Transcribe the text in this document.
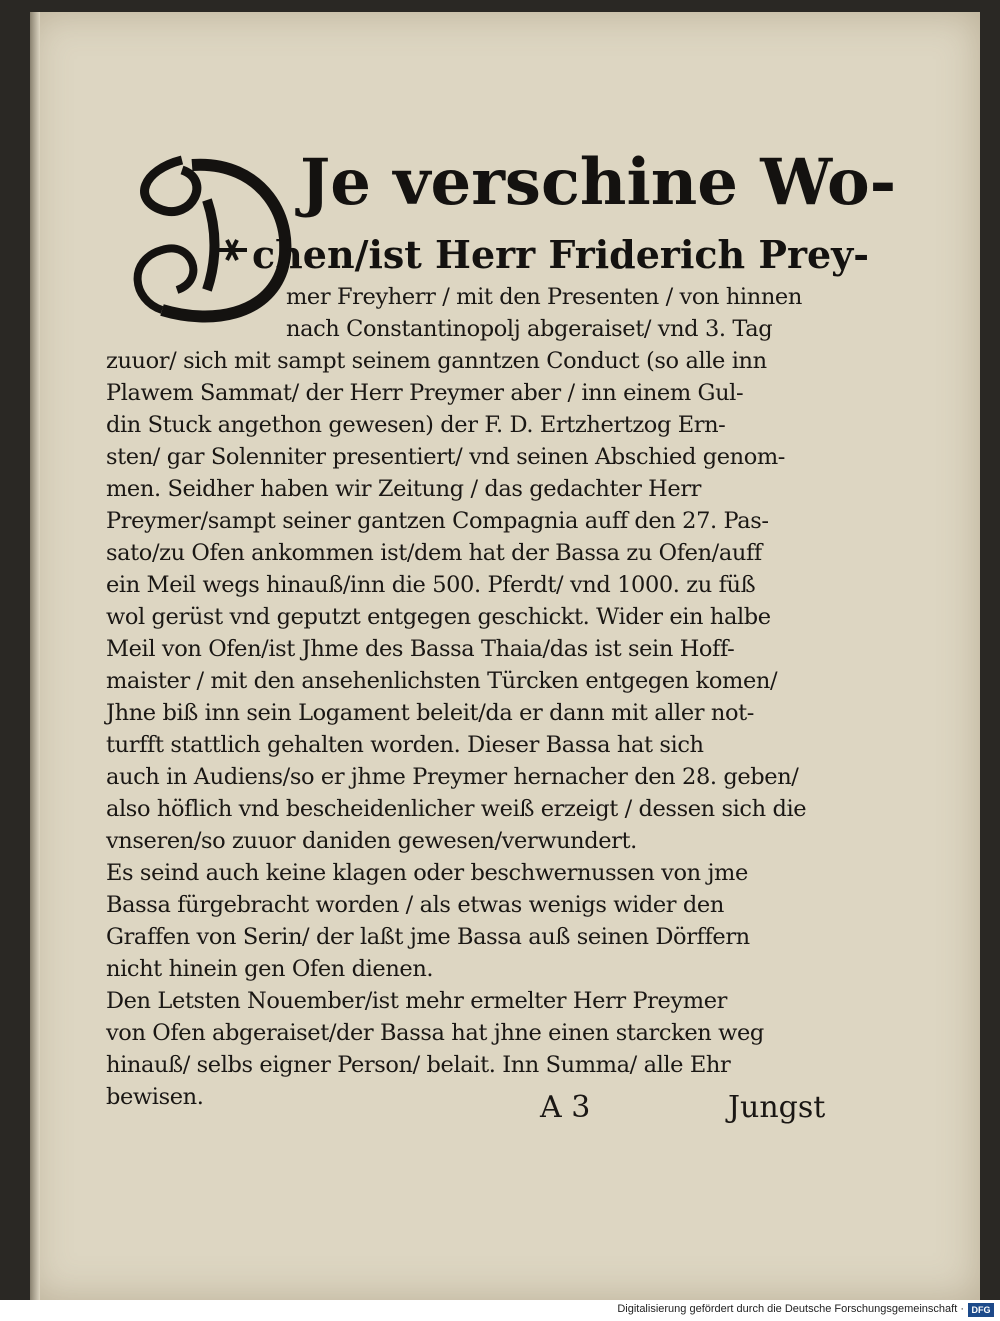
Je verschine Wo-
chen/ist Herr Friderich Prey-
mer Freyherr / mit den Presenten / von hinnen
nach Constantinopolj abgeraiset/ vnd 3. Tag
zuuor/ sich mit sampt seinem ganntzen Conduct (so alle inn
Plawem Sammat/ der Herr Preymer aber / inn einem Gul-
din Stuck angethon gewesen) der F. D. Ertzhertzog Ern-
sten/ gar Solenniter presentiert/ vnd seinen Abschied genom-
men. Seidher haben wir Zeitung / das gedachter Herr
Preymer/sampt seiner gantzen Compagnia auff den 27. Pas-
sato/zu Ofen ankommen ist/dem hat der Bassa zu Ofen/auff
ein Meil wegs hinauß/inn die 500. Pferdt/ vnd 1000. zu füß
wol gerüst vnd geputzt entgegen geschickt. Wider ein halbe
Meil von Ofen/ist Jhme des Bassa Thaia/das ist sein Hoff-
maister / mit den ansehenlichsten Türcken entgegen komen/
Jhne biß inn sein Logament beleit/da er dann mit aller not-
turfft stattlich gehalten worden. Dieser Bassa hat sich
auch in Audiens/so er jhme Preymer hernacher den 28. geben/
also höflich vnd bescheidenlicher weiß erzeigt / dessen sich die
vnseren/so zuuor daniden gewesen/verwundert.
Es seind auch keine klagen oder beschwernussen von jme
Bassa fürgebracht worden / als etwas wenigs wider den
Graffen von Serin/ der laßt jme Bassa auß seinen Dörffern
nicht hinein gen Ofen dienen.
Den Letsten Nouember/ist mehr ermelter Herr Preymer
von Ofen abgeraiset/der Bassa hat jhne einen starcken weg
hinauß/ selbs eigner Person/ belait. Inn Summa/ alle Ehr
bewisen.	A 3	Jungst
Digitalisierung gefördert durch die Deutsche Forschungsgemeinschaft · DFG
